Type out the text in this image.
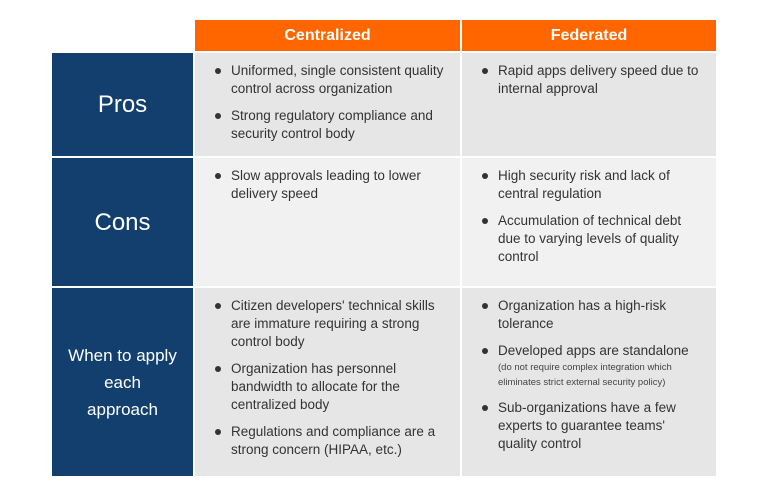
Centralized	Federated
Pros
Uniformed, single consistent quality control across organization
Strong regulatory compliance and security control body
Rapid apps delivery speed due to internal approval
Cons
Slow approvals leading to lower delivery speed
High security risk and lack of central regulation
Accumulation of technical debt due to varying levels of quality control
When to apply each approach
Citizen developers' technical skills are immature requiring a strong control body
Organization has personnel bandwidth to allocate for the centralized body
Regulations and compliance are a strong concern (HIPAA, etc.)
Organization has a high-risk tolerance
Developed apps are standalone
(do not require complex integration which eliminates strict external security policy)
Sub-organizations have a few experts to guarantee teams' quality control
